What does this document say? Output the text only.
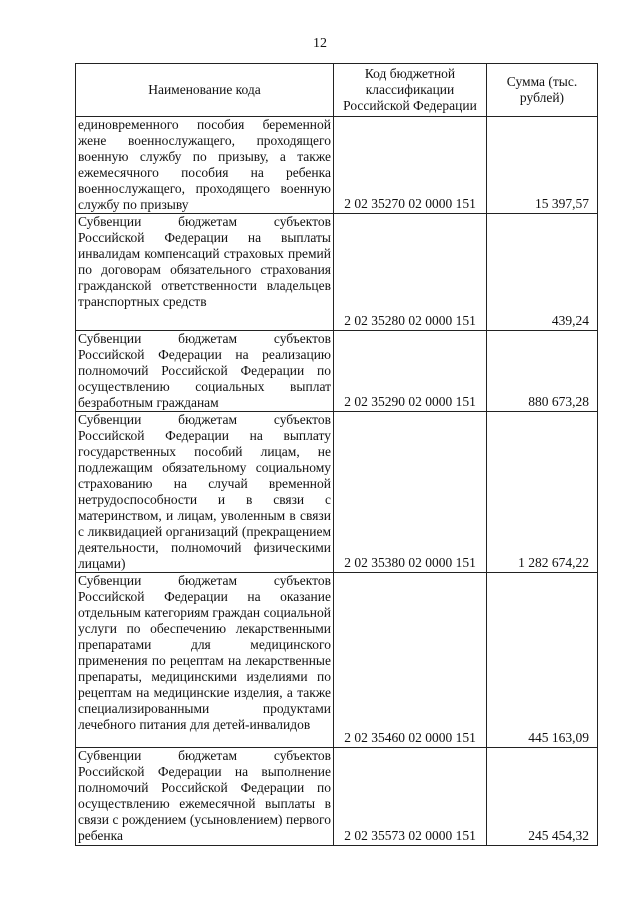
12
Наименование кода	Код бюджетной классификации Российской Федерации	Сумма (тыс. рублей)

единовременного пособия беременной жене военнослужащего, проходящего военную службу по призыву, а также ежемесячного пособия на ребенка военнослужащего, проходящего военную службу по призыву	2 02 35270 02 0000 151	15 397,57

Субвенции бюджетам субъектов Российской Федерации на выплаты инвалидам компенсаций страховых премий по договорам обязательного страхования гражданской ответственности владельцев транспортных средств	2 02 35280 02 0000 151	439,24

Субвенции бюджетам субъектов Российской Федерации на реализацию полномочий Российской Федерации по осуществлению социальных выплат безработным гражданам	2 02 35290 02 0000 151	880 673,28

Субвенции бюджетам субъектов Российской Федерации на выплату государственных пособий лицам, не подлежащим обязательному социальному страхованию на случай временной нетрудоспособности и в связи с материнством, и лицам, уволенным в связи с ликвидацией организаций (прекращением деятельности, полномочий физическими лицами)	2 02 35380 02 0000 151	1 282 674,22

Субвенции бюджетам субъектов Российской Федерации на оказание отдельным категориям граждан социальной услуги по обеспечению лекарственными препаратами для медицинского применения по рецептам на лекарственные препараты, медицинскими изделиями по рецептам на медицинские изделия, а также специализированными продуктами лечебного питания для детей-инвалидов	2 02 35460 02 0000 151	445 163,09

Субвенции бюджетам субъектов Российской Федерации на выполнение полномочий Российской Федерации по осуществлению ежемесячной выплаты в связи с рождением (усыновлением) первого ребенка	2 02 35573 02 0000 151	245 454,32
